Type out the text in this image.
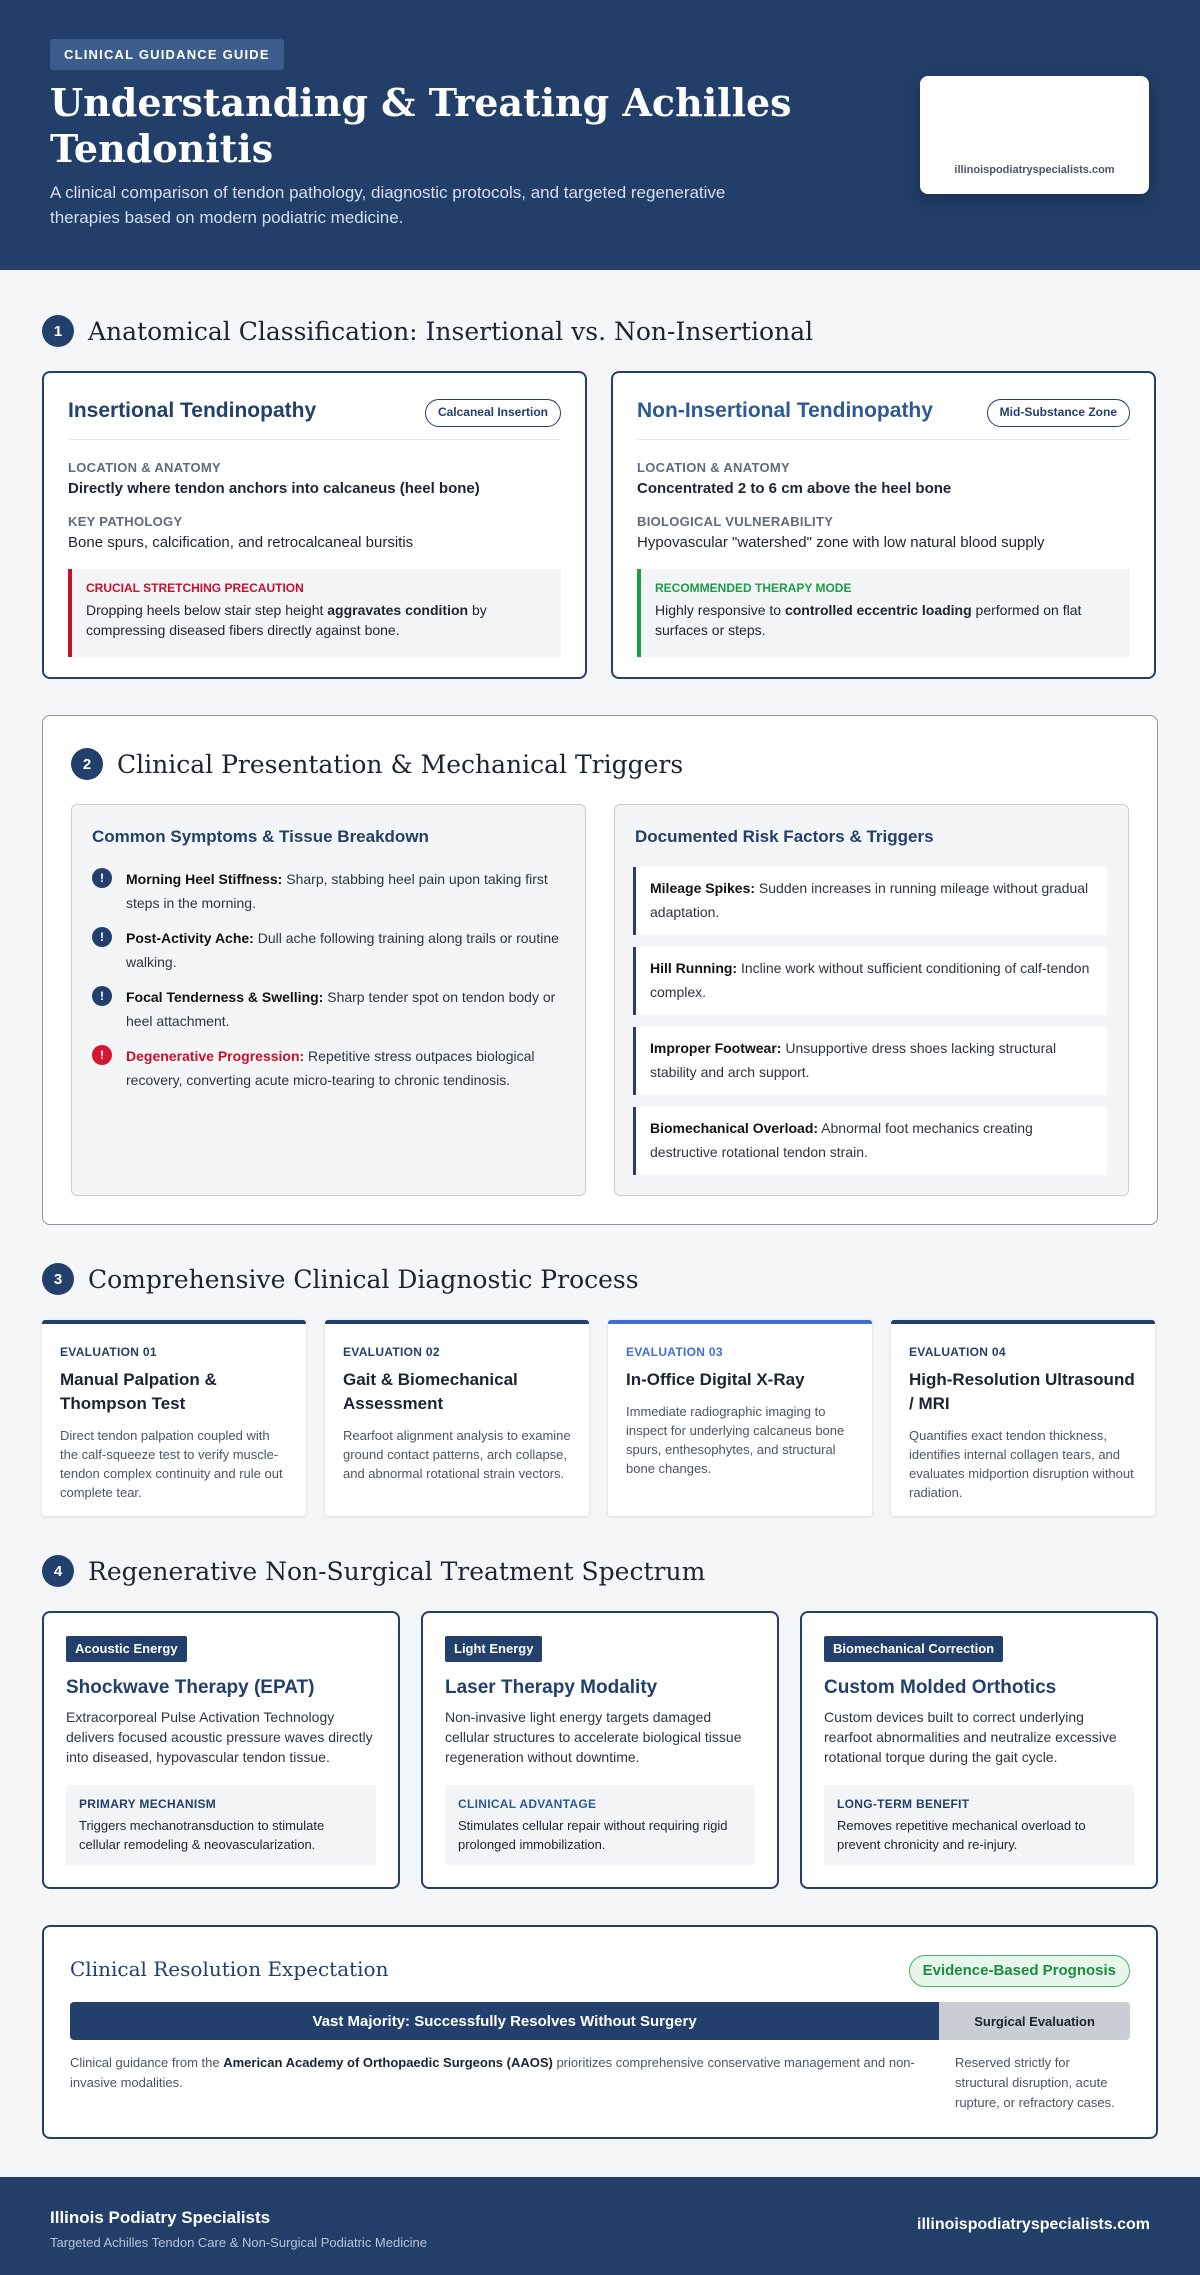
CLINICAL GUIDANCE GUIDE
Understanding & Treating Achilles Tendonitis
A clinical comparison of tendon pathology, diagnostic protocols, and targeted regenerative therapies based on modern podiatric medicine.
illinoispodiatryspecialists.com
1	Anatomical Classification: Insertional vs. Non-Insertional
Insertional Tendinopathy	Calcaneal Insertion
LOCATION & ANATOMY
Directly where tendon anchors into calcaneus (heel bone)
KEY PATHOLOGY
Bone spurs, calcification, and retrocalcaneal bursitis
CRUCIAL STRETCHING PRECAUTION
Dropping heels below stair step height aggravates condition by compressing diseased fibers directly against bone.
Non-Insertional Tendinopathy	Mid-Substance Zone
LOCATION & ANATOMY
Concentrated 2 to 6 cm above the heel bone
BIOLOGICAL VULNERABILITY
Hypovascular "watershed" zone with low natural blood supply
RECOMMENDED THERAPY MODE
Highly responsive to controlled eccentric loading performed on flat surfaces or steps.
2	Clinical Presentation & Mechanical Triggers
Common Symptoms & Tissue Breakdown
!	Morning Heel Stiffness: Sharp, stabbing heel pain upon taking first steps in the morning.
!	Post-Activity Ache: Dull ache following training along trails or routine walking.
!	Focal Tenderness & Swelling: Sharp tender spot on tendon body or heel attachment.
!	Degenerative Progression: Repetitive stress outpaces biological recovery, converting acute micro-tearing to chronic tendinosis.
Documented Risk Factors & Triggers
Mileage Spikes: Sudden increases in running mileage without gradual adaptation.
Hill Running: Incline work without sufficient conditioning of calf-tendon complex.
Improper Footwear: Unsupportive dress shoes lacking structural stability and arch support.
Biomechanical Overload: Abnormal foot mechanics creating destructive rotational tendon strain.
3	Comprehensive Clinical Diagnostic Process
EVALUATION 01
Manual Palpation & Thompson Test
Direct tendon palpation coupled with the calf-squeeze test to verify muscle-tendon complex continuity and rule out complete tear.
EVALUATION 02
Gait & Biomechanical Assessment
Rearfoot alignment analysis to examine ground contact patterns, arch collapse, and abnormal rotational strain vectors.
EVALUATION 03
In-Office Digital X-Ray
Immediate radiographic imaging to inspect for underlying calcaneus bone spurs, enthesophytes, and structural bone changes.
EVALUATION 04
High-Resolution Ultrasound / MRI
Quantifies exact tendon thickness, identifies internal collagen tears, and evaluates midportion disruption without radiation.
4	Regenerative Non-Surgical Treatment Spectrum
Acoustic Energy
Shockwave Therapy (EPAT)
Extracorporeal Pulse Activation Technology delivers focused acoustic pressure waves directly into diseased, hypovascular tendon tissue.
PRIMARY MECHANISM
Triggers mechanotransduction to stimulate cellular remodeling & neovascularization.
Light Energy
Laser Therapy Modality
Non-invasive light energy targets damaged cellular structures to accelerate biological tissue regeneration without downtime.
CLINICAL ADVANTAGE
Stimulates cellular repair without requiring rigid prolonged immobilization.
Biomechanical Correction
Custom Molded Orthotics
Custom devices built to correct underlying rearfoot abnormalities and neutralize excessive rotational torque during the gait cycle.
LONG-TERM BENEFIT
Removes repetitive mechanical overload to prevent chronicity and re-injury.
Clinical Resolution Expectation	Evidence-Based Prognosis
Vast Majority: Successfully Resolves Without Surgery	Surgical Evaluation
Clinical guidance from the American Academy of Orthopaedic Surgeons (AAOS) prioritizes comprehensive conservative management and non-invasive modalities.
Reserved strictly for structural disruption, acute rupture, or refractory cases.
Illinois Podiatry Specialists
Targeted Achilles Tendon Care & Non-Surgical Podiatric Medicine
illinoispodiatryspecialists.com
